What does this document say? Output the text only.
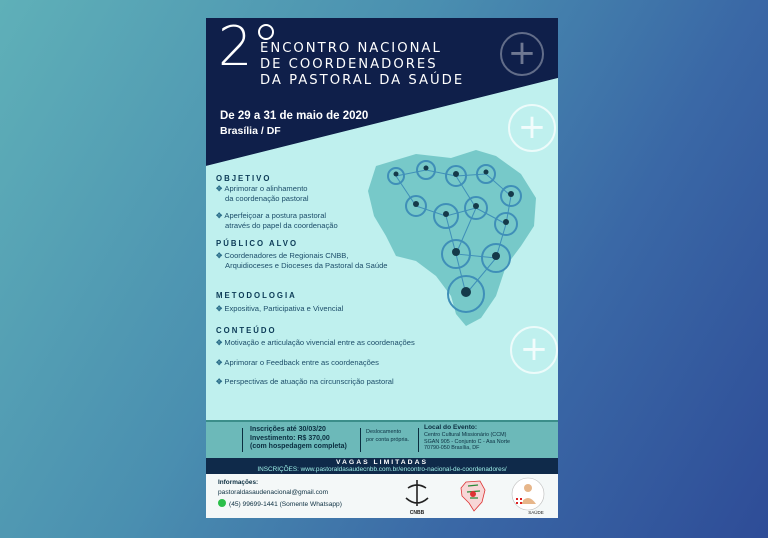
+
+
+
2 ENCONTRO NACIONAL
DE COORDENADORES
DA PASTORAL DA SAÚDE
De 29 a 31 de maio de 2020
Brasília / DF
OBJETIVO
✥ Aprimorar o alinhamento
da coordenação pastoral
✥ Aperfeiçoar a postura pastoral
através do papel da coordenação
PÚBLICO ALVO
✥ Coordenadores de Regionais CNBB,
Arquidioceses e Dioceses da Pastoral da Saúde
METODOLOGIA
✥ Expositiva, Participativa e Vivencial
CONTEÚDO
✥ Motivação e articulação vivencial entre as coordenações
✥ Aprimorar o Feedback entre as coordenações
✥ Perspectivas de atuação na circunscrição pastoral
Inscrições até 30/03/20
Investimento: R$ 370,00
(com hospedagem completa)
Deslocamento
por conta própria.
Local do Evento:
Centro Cultural Missionário (CCM)
SGAN 905 - Conjunto C - Asa Norte
70790-050 Brasília, DF
VAGAS LIMITADAS
INSCRIÇÕES: www.pastoraldasaudecnbb.com.br/encontro-nacional-de-coordenadores/
Informações:
pastoraldasaudenacional@gmail.com
(45) 99699-1441 (Somente Whatsapp)
CNBB	SAÚDE
